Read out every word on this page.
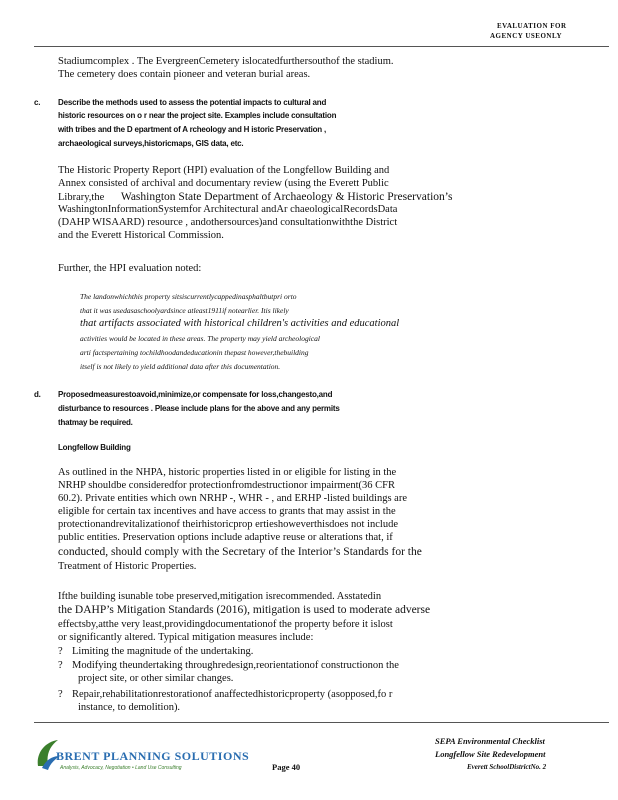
EVALUATION FOR
AGENCY USEONLY
Stadiumcomplex . The EvergreenCemetery islocatedfurthersouthof the stadium.
The cemetery does contain pioneer and veteran burial areas.
c. Describe the methods used to assess the potential impacts to cultural and
historic resources on o r near the project site. Examples include consultation
with tribes and the D epartment of A rcheology and H istoric Preservation ,
archaeological surveys,historicmaps, GIS data, etc.
The Historic Property Report (HPI) evaluation of the Longfellow Building and
Annex consisted of archival and documentary review (using the Everett Public
Library,the Washington State Department of Archaeology & Historic Preservation’s
WashingtonInformationSystemfor Architectural andAr chaeologicalRecordsData
(DAHP WISAARD) resource , andothersources)and consultationwiththe District
and the Everett Historical Commission.
Further, the HPI evaluation noted:
The landonwhichthis property sitsiscurrentlycappedinasphaltbutpri orto
that it was usedasaschoolyardsince atleast1911if notearlier. Itis likely
that artifacts associated with historical children's activities and educational
activities would be located in these areas. The property may yield archeological
arti factspertaining tochildhoodandeducationin thepast however,thebuilding
itself is not likely to yield additional data after this documentation.
d. Proposedmeasurestoavoid,minimize,or compensate for loss,changesto,and
disturbance to resources . Please include plans for the above and any permits
thatmay be required.
Longfellow Building
As outlined in the NHPA, historic properties listed in or eligible for listing in the
NRHP shouldbe consideredfor protectionfromdestructionor impairment(36 CFR
60.2). Private entities which own NRHP -, WHR - , and ERHP -listed buildings are
eligible for certain tax incentives and have access to grants that may assist in the
protectionandrevitalizationof theirhistoricprop ertieshoweverthisdoes not include
public entities. Preservation options include adaptive reuse or alterations that, if
conducted, should comply with the Secretary of the Interior’s Standards for the
Treatment of Historic Properties.
Ifthe building isunable tobe preserved,mitigation isrecommended. Asstatedin
the DAHP’s Mitigation Standards (2016), mitigation is used to moderate adverse
effectsby,atthe very least,providingdocumentationof the property before it islost
or significantly altered. Typical mitigation measures include:
? Limiting the magnitude of the undertaking.
? Modifying theundertaking throughredesign,reorientationof constructionon the
project site, or other similar changes.
? Repair,rehabilitationrestorationof anaffectedhistoricproperty (asopposed,fo r
instance, to demolition).
BRENT PLANNING SOLUTIONS
Analysis, Advocacy, Negotiation • Land Use Consulting	Page 40
SEPA Environmental Checklist
Longfellow Site Redevelopment
Everett SchoolDistrictNo. 2
